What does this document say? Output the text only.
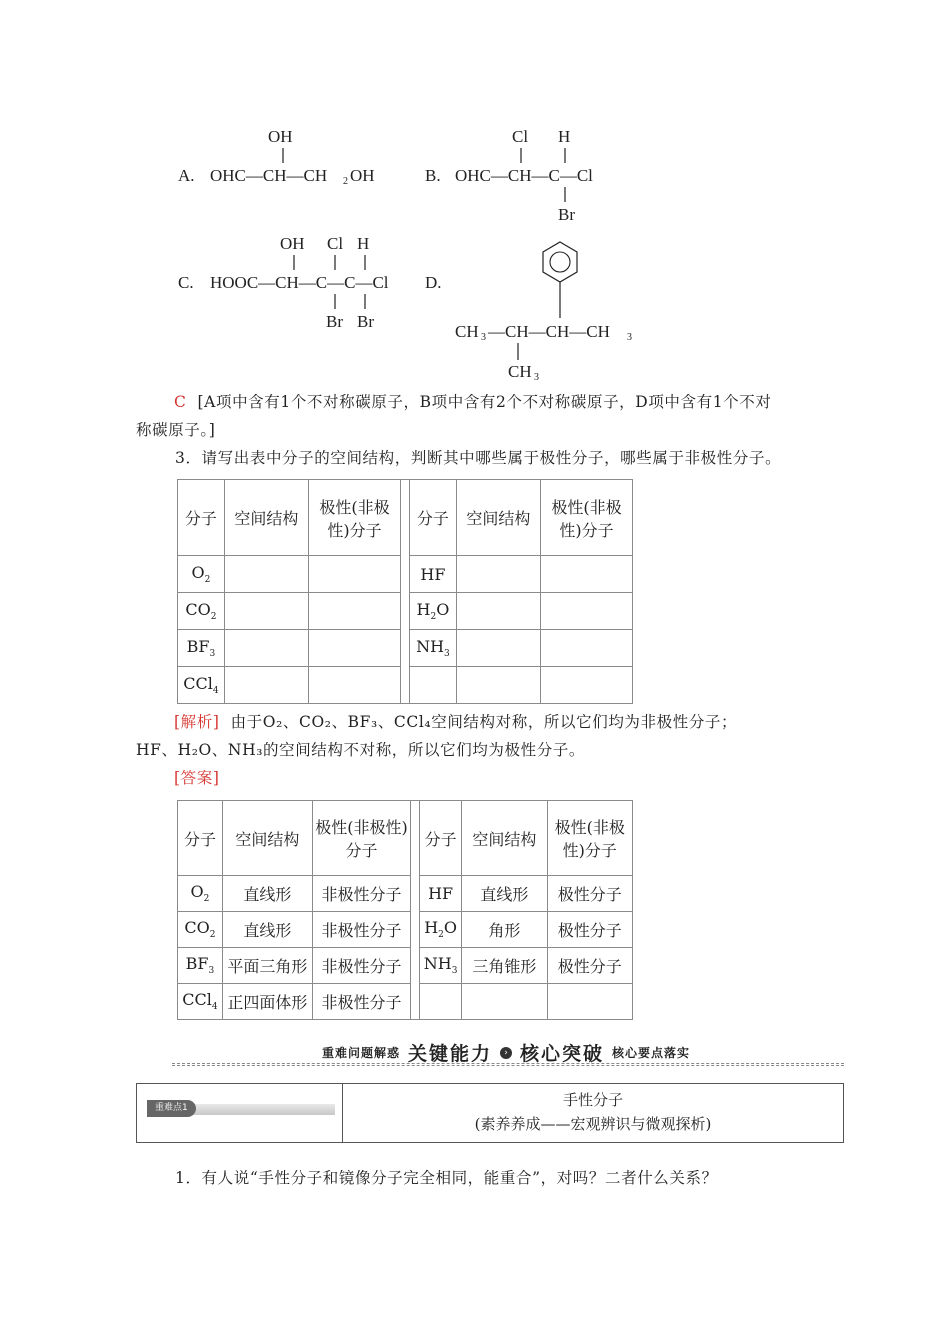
A.
OH
OHC—CH—CH 2 OH	B.
Cl H
OHC—CH—C—Cl
Br
C.
OH Cl H
HOOC—CH—C—C—Cl
Br Br
D.
CH 3 —CH—CH—CH 3
CH 3
C [A项中含有1个不对称碳原子，B项中含有2个不对称碳原子，D项中含有1个不对
称碳原子。]
3．请写出表中分子的空间结构，判断其中哪些属于极性分子，哪些属于非极性分子。
分子	空间结构	极性(非极性)分子
$O_2$		
$CO_2$		
$BF_3$		
CCl$_4$		
分子	空间结构	极性(非极性)分子
HF		
$H_2O$		
$NH_3$		

[解析] 由于O₂、CO₂、BF₃、CCl₄空间结构对称，所以它们均为非极性分子；
HF、H₂O、NH₃的空间结构不对称，所以它们均为极性分子。
[答案]
分子	空间结构	极性(非极性)分子
$O_2$	直线形	非极性分子
$CO_2$	直线形	非极性分子
$BF_3$	平面三角形	非极性分子
CCl$_4$	正四面体形	非极性分子
分子	空间结构	极性(非极性)分子
HF	直线形	极性分子
$H_2O$	角形	极性分子
$NH_3$	三角锥形	极性分子

重难问题解惑 关键能力	› 核心突破 核心要点落实
重难点1	手性分子
(素养养成——宏观辨识与微观探析)
1．有人说“手性分子和镜像分子完全相同，能重合”，对吗？二者什么关系？
